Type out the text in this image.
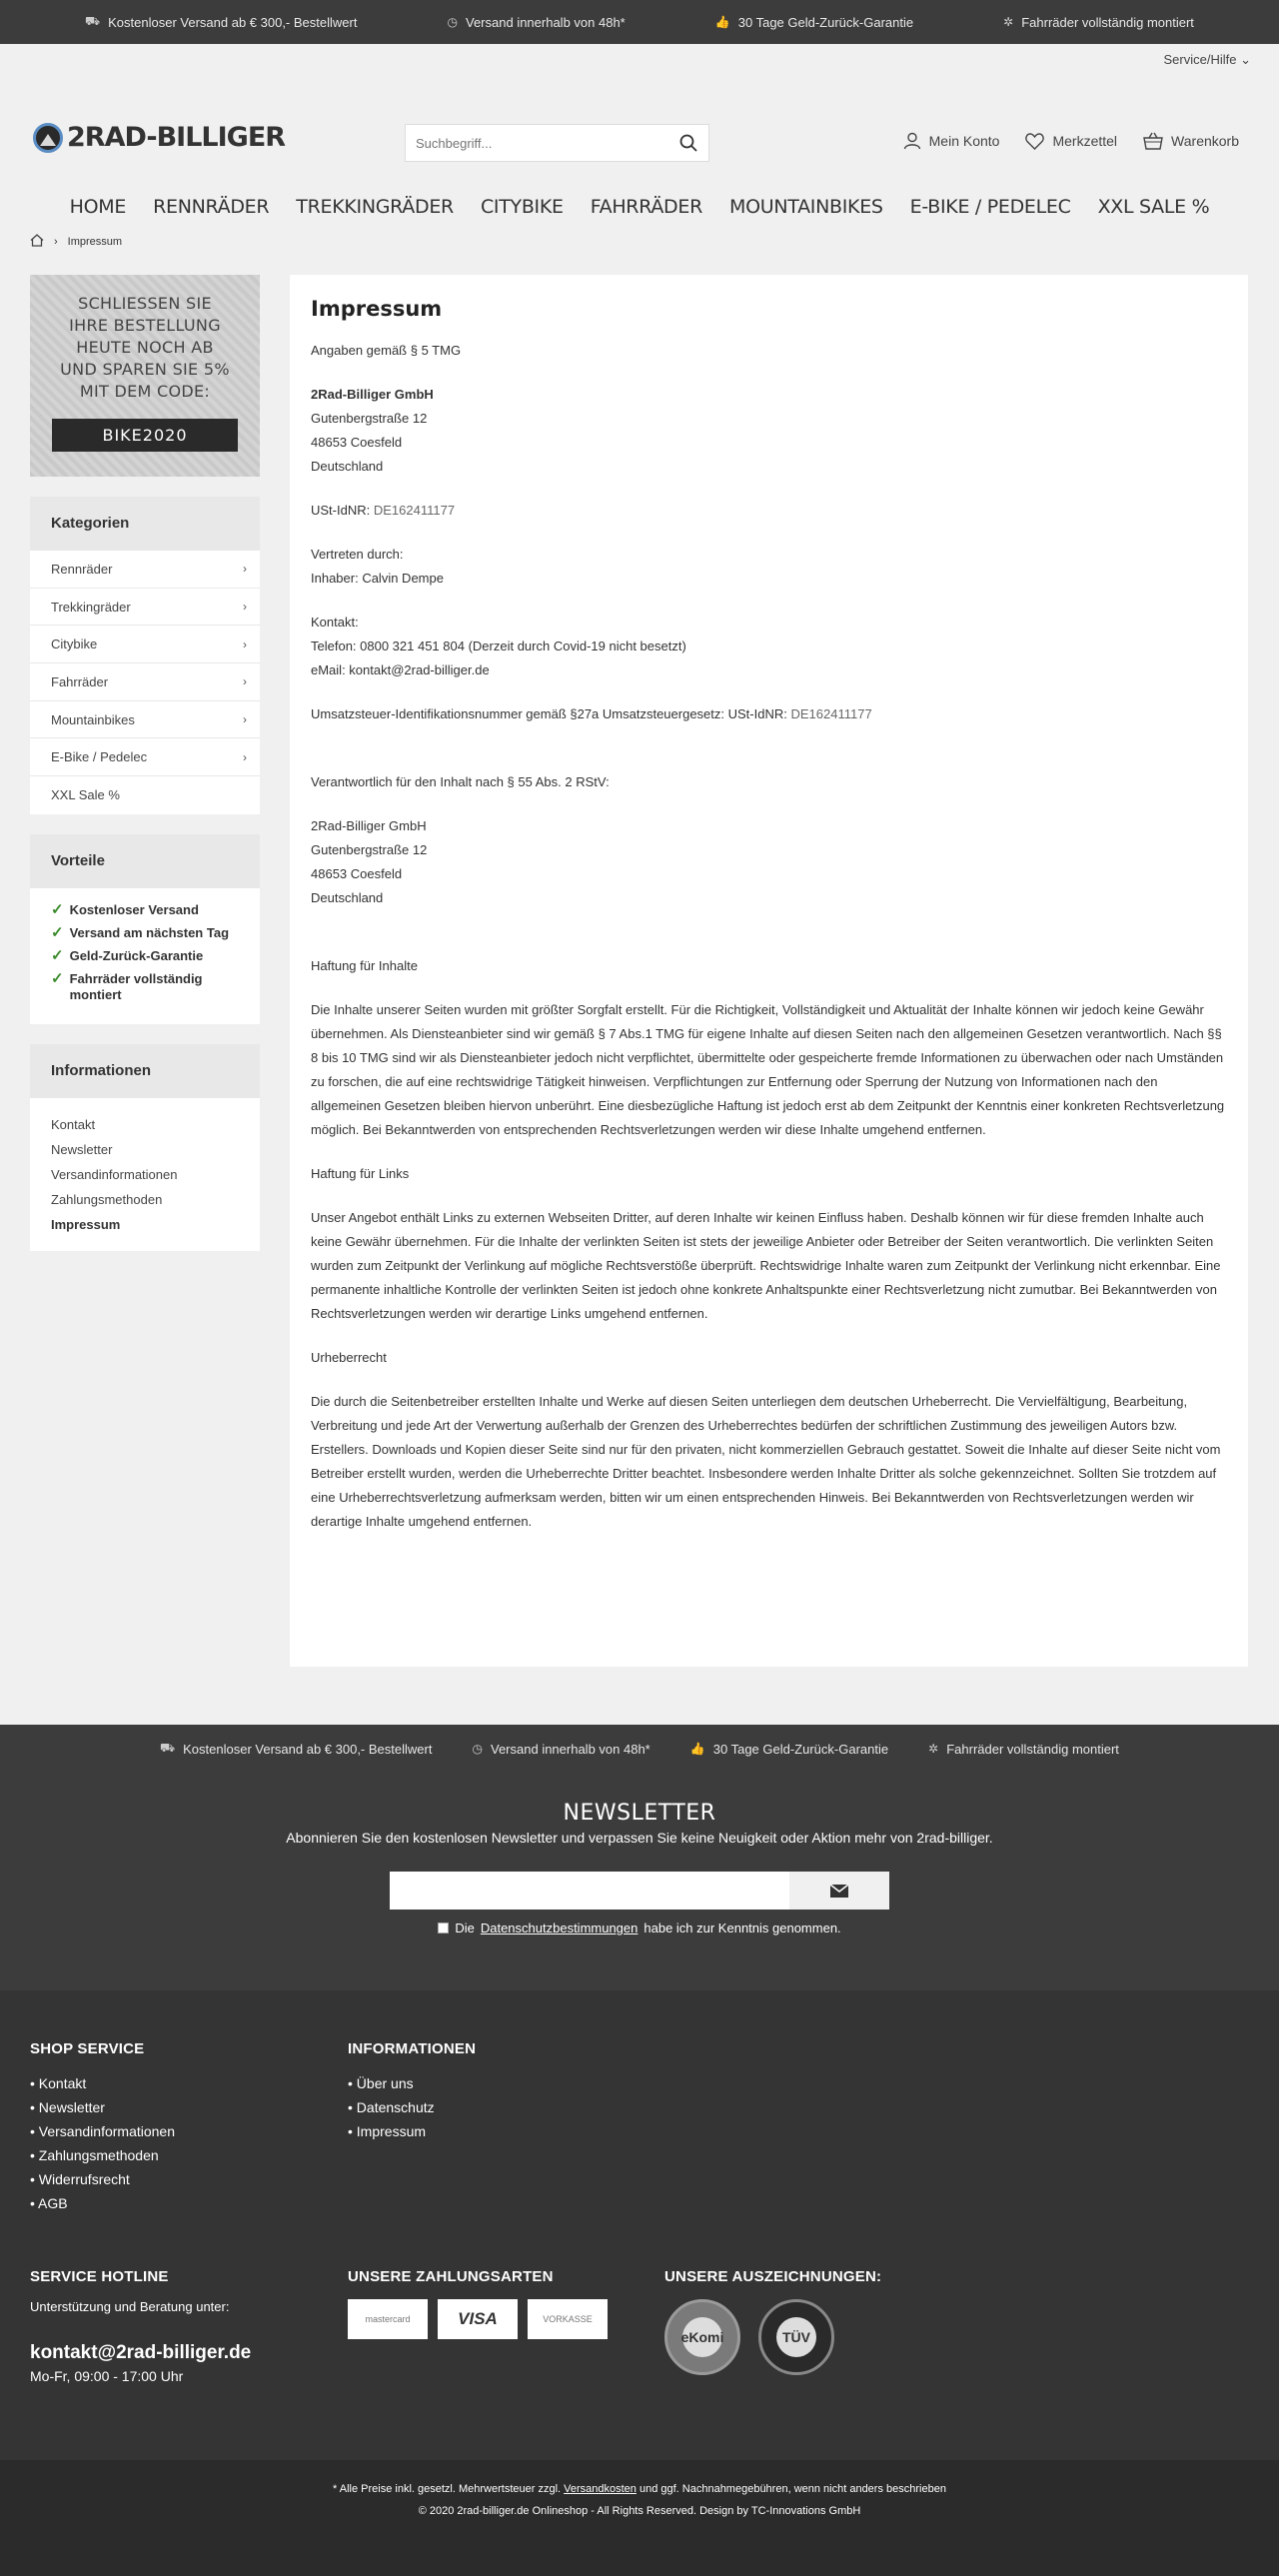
⛟ Kostenloser Versand ab € 300,- Bestellwert	◷ Versand innerhalb von 48h*	👍 30 Tage Geld-Zurück-Garantie	✲ Fahrräder vollständig montiert
Service/Hilfe ⌄
2RAD-BILLIGER
Suchbegriff...	Mein Konto	Merkzettel	Warenkorb
HOME RENNRÄDER TREKKINGRÄDER CITYBIKE FAHRRÄDER MOUNTAINBIKES E-BIKE / PEDELEC XXL SALE %
› Impressum
SCHLIESSEN SIE
IHRE BESTELLUNG
HEUTE NOCH AB
UND SPAREN SIE 5%
MIT DEM CODE:
BIKE2020
Kategorien
Rennräder	›
Trekkingräder	›
Citybike	›
Fahrräder	›
Mountainbikes	›
E-Bike / Pedelec	›
XXL Sale %
Vorteile
✓ Kostenloser Versand
✓ Versand am nächsten Tag
✓ Geld-Zurück-Garantie
✓ Fahrräder vollständig montiert
Informationen
Kontakt
Newsletter
Versandinformationen
Zahlungsmethoden
Impressum
Impressum

Angaben gemäß § 5 TMG

2Rad-Billiger GmbH
Gutenbergstraße 12
48653 Coesfeld
Deutschland

USt-IdNR: DE162411177

Vertreten durch:
Inhaber: Calvin Dempe

Kontakt:
Telefon: 0800 321 451 804 (Derzeit durch Covid-19 nicht besetzt)
eMail: kontakt@2rad-billiger.de

Umsatzsteuer-Identifikationsnummer gemäß §27a Umsatzsteuergesetz: USt-IdNR: DE162411177

Verantwortlich für den Inhalt nach § 55 Abs. 2 RStV:

2Rad-Billiger GmbH
Gutenbergstraße 12
48653 Coesfeld
Deutschland

Haftung für Inhalte

Die Inhalte unserer Seiten wurden mit größter Sorgfalt erstellt. Für die Richtigkeit, Vollständigkeit und Aktualität der Inhalte können wir jedoch keine Gewähr übernehmen. Als Diensteanbieter sind wir gemäß § 7 Abs.1 TMG für eigene Inhalte auf diesen Seiten nach den allgemeinen Gesetzen verantwortlich. Nach §§ 8 bis 10 TMG sind wir als Diensteanbieter jedoch nicht verpflichtet, übermittelte oder gespeicherte fremde Informationen zu überwachen oder nach Umständen zu forschen, die auf eine rechtswidrige Tätigkeit hinweisen. Verpflichtungen zur Entfernung oder Sperrung der Nutzung von Informationen nach den allgemeinen Gesetzen bleiben hiervon unberührt. Eine diesbezügliche Haftung ist jedoch erst ab dem Zeitpunkt der Kenntnis einer konkreten Rechtsverletzung möglich. Bei Bekanntwerden von entsprechenden Rechtsverletzungen werden wir diese Inhalte umgehend entfernen.

Haftung für Links

Unser Angebot enthält Links zu externen Webseiten Dritter, auf deren Inhalte wir keinen Einfluss haben. Deshalb können wir für diese fremden Inhalte auch keine Gewähr übernehmen. Für die Inhalte der verlinkten Seiten ist stets der jeweilige Anbieter oder Betreiber der Seiten verantwortlich. Die verlinkten Seiten wurden zum Zeitpunkt der Verlinkung auf mögliche Rechtsverstöße überprüft. Rechtswidrige Inhalte waren zum Zeitpunkt der Verlinkung nicht erkennbar. Eine permanente inhaltliche Kontrolle der verlinkten Seiten ist jedoch ohne konkrete Anhaltspunkte einer Rechtsverletzung nicht zumutbar. Bei Bekanntwerden von Rechtsverletzungen werden wir derartige Links umgehend entfernen.

Urheberrecht

Die durch die Seitenbetreiber erstellten Inhalte und Werke auf diesen Seiten unterliegen dem deutschen Urheberrecht. Die Vervielfältigung, Bearbeitung, Verbreitung und jede Art der Verwertung außerhalb der Grenzen des Urheberrechtes bedürfen der schriftlichen Zustimmung des jeweiligen Autors bzw. Erstellers. Downloads und Kopien dieser Seite sind nur für den privaten, nicht kommerziellen Gebrauch gestattet. Soweit die Inhalte auf dieser Seite nicht vom Betreiber erstellt wurden, werden die Urheberrechte Dritter beachtet. Insbesondere werden Inhalte Dritter als solche gekennzeichnet. Sollten Sie trotzdem auf eine Urheberrechtsverletzung aufmerksam werden, bitten wir um einen entsprechenden Hinweis. Bei Bekanntwerden von Rechtsverletzungen werden wir derartige Inhalte umgehend entfernen.

⛟ Kostenloser Versand ab € 300,- Bestellwert	◷ Versand innerhalb von 48h*	👍 30 Tage Geld-Zurück-Garantie	✲ Fahrräder vollständig montiert
NEWSLETTER
Abonnieren Sie den kostenlosen Newsletter und verpassen Sie keine Neuigkeit oder Aktion mehr von 2rad-billiger.
Die Datenschutzbestimmungen habe ich zur Kenntnis genommen.
SHOP SERVICE
• Kontakt
• Newsletter
• Versandinformationen
• Zahlungsmethoden
• Widerrufsrecht
• AGB
INFORMATIONEN
• Über uns
• Datenschutz
• Impressum
SERVICE HOTLINE
Unterstützung und Beratung unter:
kontakt@2rad-billiger.de
Mo-Fr, 09:00 - 17:00 Uhr
UNSERE ZAHLUNGSARTEN
mastercard	VISA	VORKASSE
UNSERE AUSZEICHNUNGEN:
eKomi	TÜV
* Alle Preise inkl. gesetzl. Mehrwertsteuer zzgl. Versandkosten und ggf. Nachnahmegebühren, wenn nicht anders beschrieben
© 2020 2rad-billiger.de Onlineshop - All Rights Reserved. Design by TC-Innovations GmbH
